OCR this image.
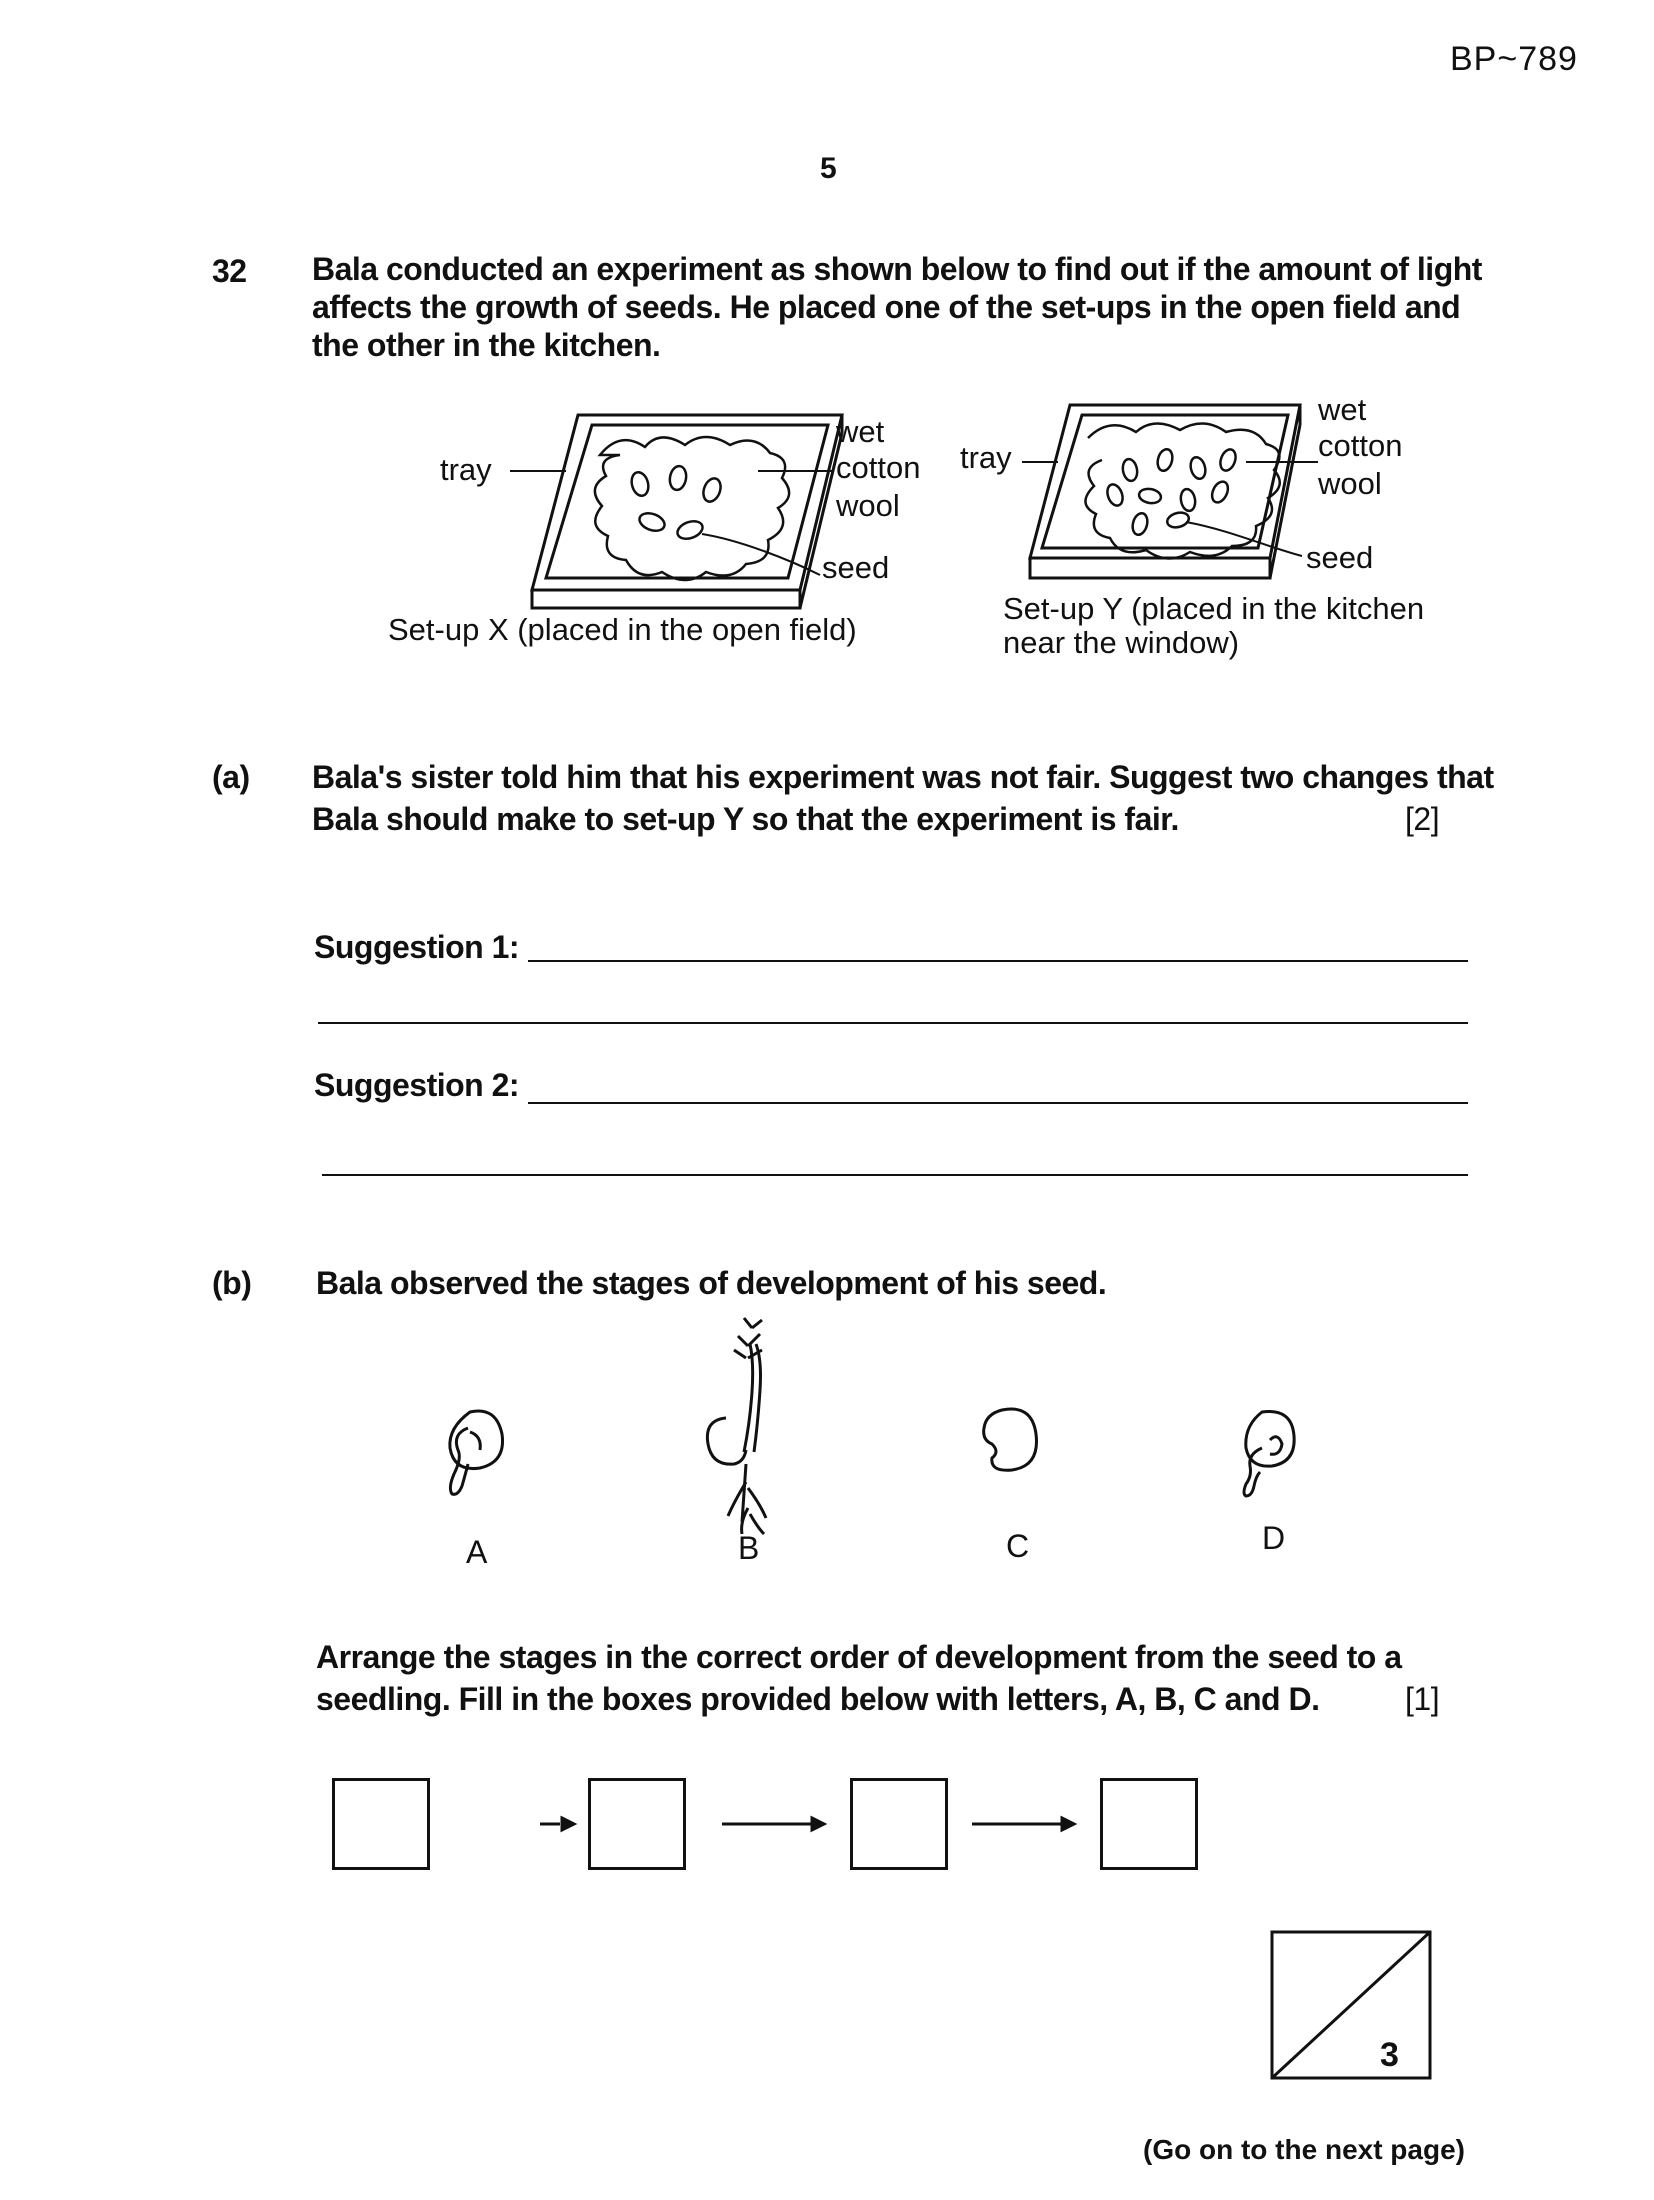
BP~789
5
32 Bala conducted an experiment as shown below to find out if the amount of light
affects the growth of seeds. He placed one of the set-ups in the open field and
the other in the kitchen.
tray
wet
cotton
wool
seed
Set-up X (placed in the open field)
tray
wet
cotton
wool
seed
Set-up Y (placed in the kitchen
near the window)
(a) Bala's sister told him that his experiment was not fair. Suggest two changes that
Bala should make to set-up Y so that the experiment is fair.	[2]
Suggestion 1:
Suggestion 2:
(b) Bala observed the stages of development of his seed.
A	B	C	D
Arrange the stages in the correct order of development from the seed to a
seedling. Fill in the boxes provided below with letters, A, B, C and D.	[1]
3
(Go on to the next page)
